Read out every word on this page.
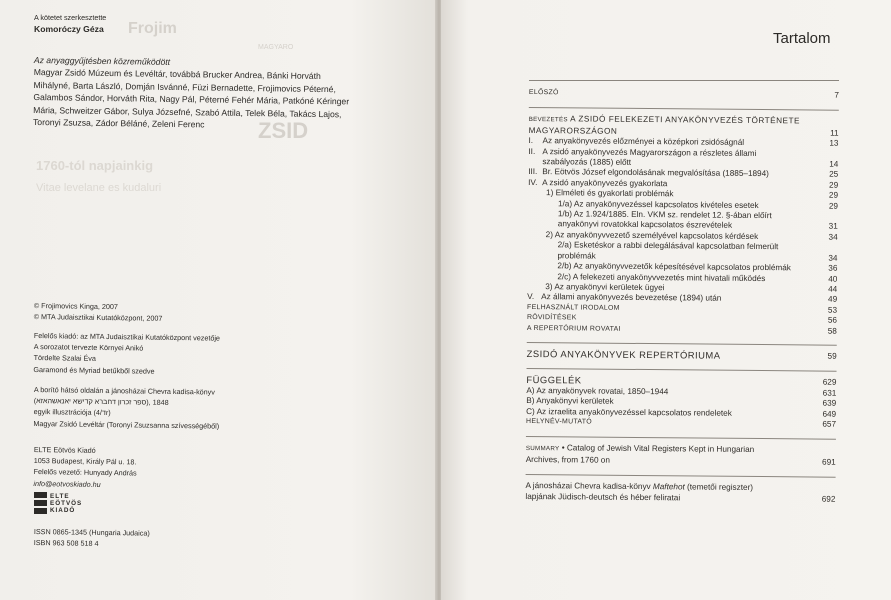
Frojim
MAGYARO
ZSID
1760-tól napjainkig
Vitae levelane es kudaluri
A kötetet szerkesztette
Komoróczy Géza
Az anyaggyűjtésben közreműködött
Magyar Zsidó Múzeum és Levéltár, továbbá Brucker Andrea, Bánki Horváth
Mihályné, Barta László, Domján Isvánné, Füzi Bernadette, Frojimovics Péterné,
Galambos Sándor, Horváth Rita, Nagy Pál, Péterné Fehér Mária, Patkóné Kéringer
Mária, Schweitzer Gábor, Sulya Józsefné, Szabó Attila, Telek Béla, Takács Lajos,
Toronyi Zsuzsa, Zádor Béláné, Zeleni Ferenc
© Frojimovics Kinga, 2007
© MTA Judaisztikai Kutatóközpont, 2007
Felelős kiadó: az MTA Judaisztikai Kutatóközpont vezetője
A sorozatot tervezte Környei Anikó
Tördelte Szalai Éva
Garamond és Myriad betűkből szedve
A borító hátsó oldalán a jánosházai Chevra kadisa-könyv
(ספר זכרון דחברא קדישא יאנאשהאזא), 1848
egyik illusztrációja (ד/4r)
Magyar Zsidó Levéltár (Toronyi Zsuzsanna szívességéből)
ELTE Eötvös Kiadó
1053 Budapest, Király Pál u. 18.
Felelős vezető: Hunyady András
info@eotvoskiado.hu
ELTE
EÖTVÖS
KIADÓ
ISSN 0865-1345 (Hungaria Judaica)
ISBN 963 508 518 4
Tartalom
ELŐSZÓ	7
BEVEZETÉS A ZSIDÓ FELEKEZETI ANYAKÖNYVEZÉS TÖRTÉNETE
MAGYARORSZÁGON	11
I. Az anyakönyvezés előzményei a középkori zsidóságnál	13
II. A zsidó anyakönyvezés Magyarországon a részletes állami
szabályozás (1885) előtt	14
III. Br. Eötvös József elgondolásának megvalósítása (1885–1894)	25
IV. A zsidó anyakönyvezés gyakorlata	29
1) Elméleti és gyakorlati problémák	29
1/a) Az anyakönyvezéssel kapcsolatos kivételes esetek	29
1/b) Az 1.924/1885. Eln. VKM sz. rendelet 12. §-ában előírt
anyakönyvi rovatokkal kapcsolatos észrevételek	31
2) Az anyakönyvvezető személyével kapcsolatos kérdések	34
2/a) Esketéskor a rabbi delegálásával kapcsolatban felmerült
problémák	34
2/b) Az anyakönyvvezetők képesítésével kapcsolatos problémák	36
2/c) A felekezeti anyakönyvvezetés mint hivatali működés	40
3) Az anyakönyvi kerületek ügyei	44
V. Az állami anyakönyvezés bevezetése (1894) után	49
FELHASZNÁLT IRODALOM	53
RÖVIDÍTÉSEK	56
A REPERTÓRIUM ROVATAI	58
ZSIDÓ ANYAKÖNYVEK REPERTÓRIUMA	59
FÜGGELÉK	629
A) Az anyakönyvek rovatai, 1850–1944	631
B) Anyakönyvi kerületek	639
C) Az izraelita anyakönyvezéssel kapcsolatos rendeletek	649
HELYNÉV-MUTATÓ	657
SUMMARY • Catalog of Jewish Vital Registers Kept in Hungarian
Archives, from 1760 on	691
A jánosházai Chevra kadisa-könyv Maftehot (temetői regiszter)
lapjának Jüdisch-deutsch és héber feliratai	692
